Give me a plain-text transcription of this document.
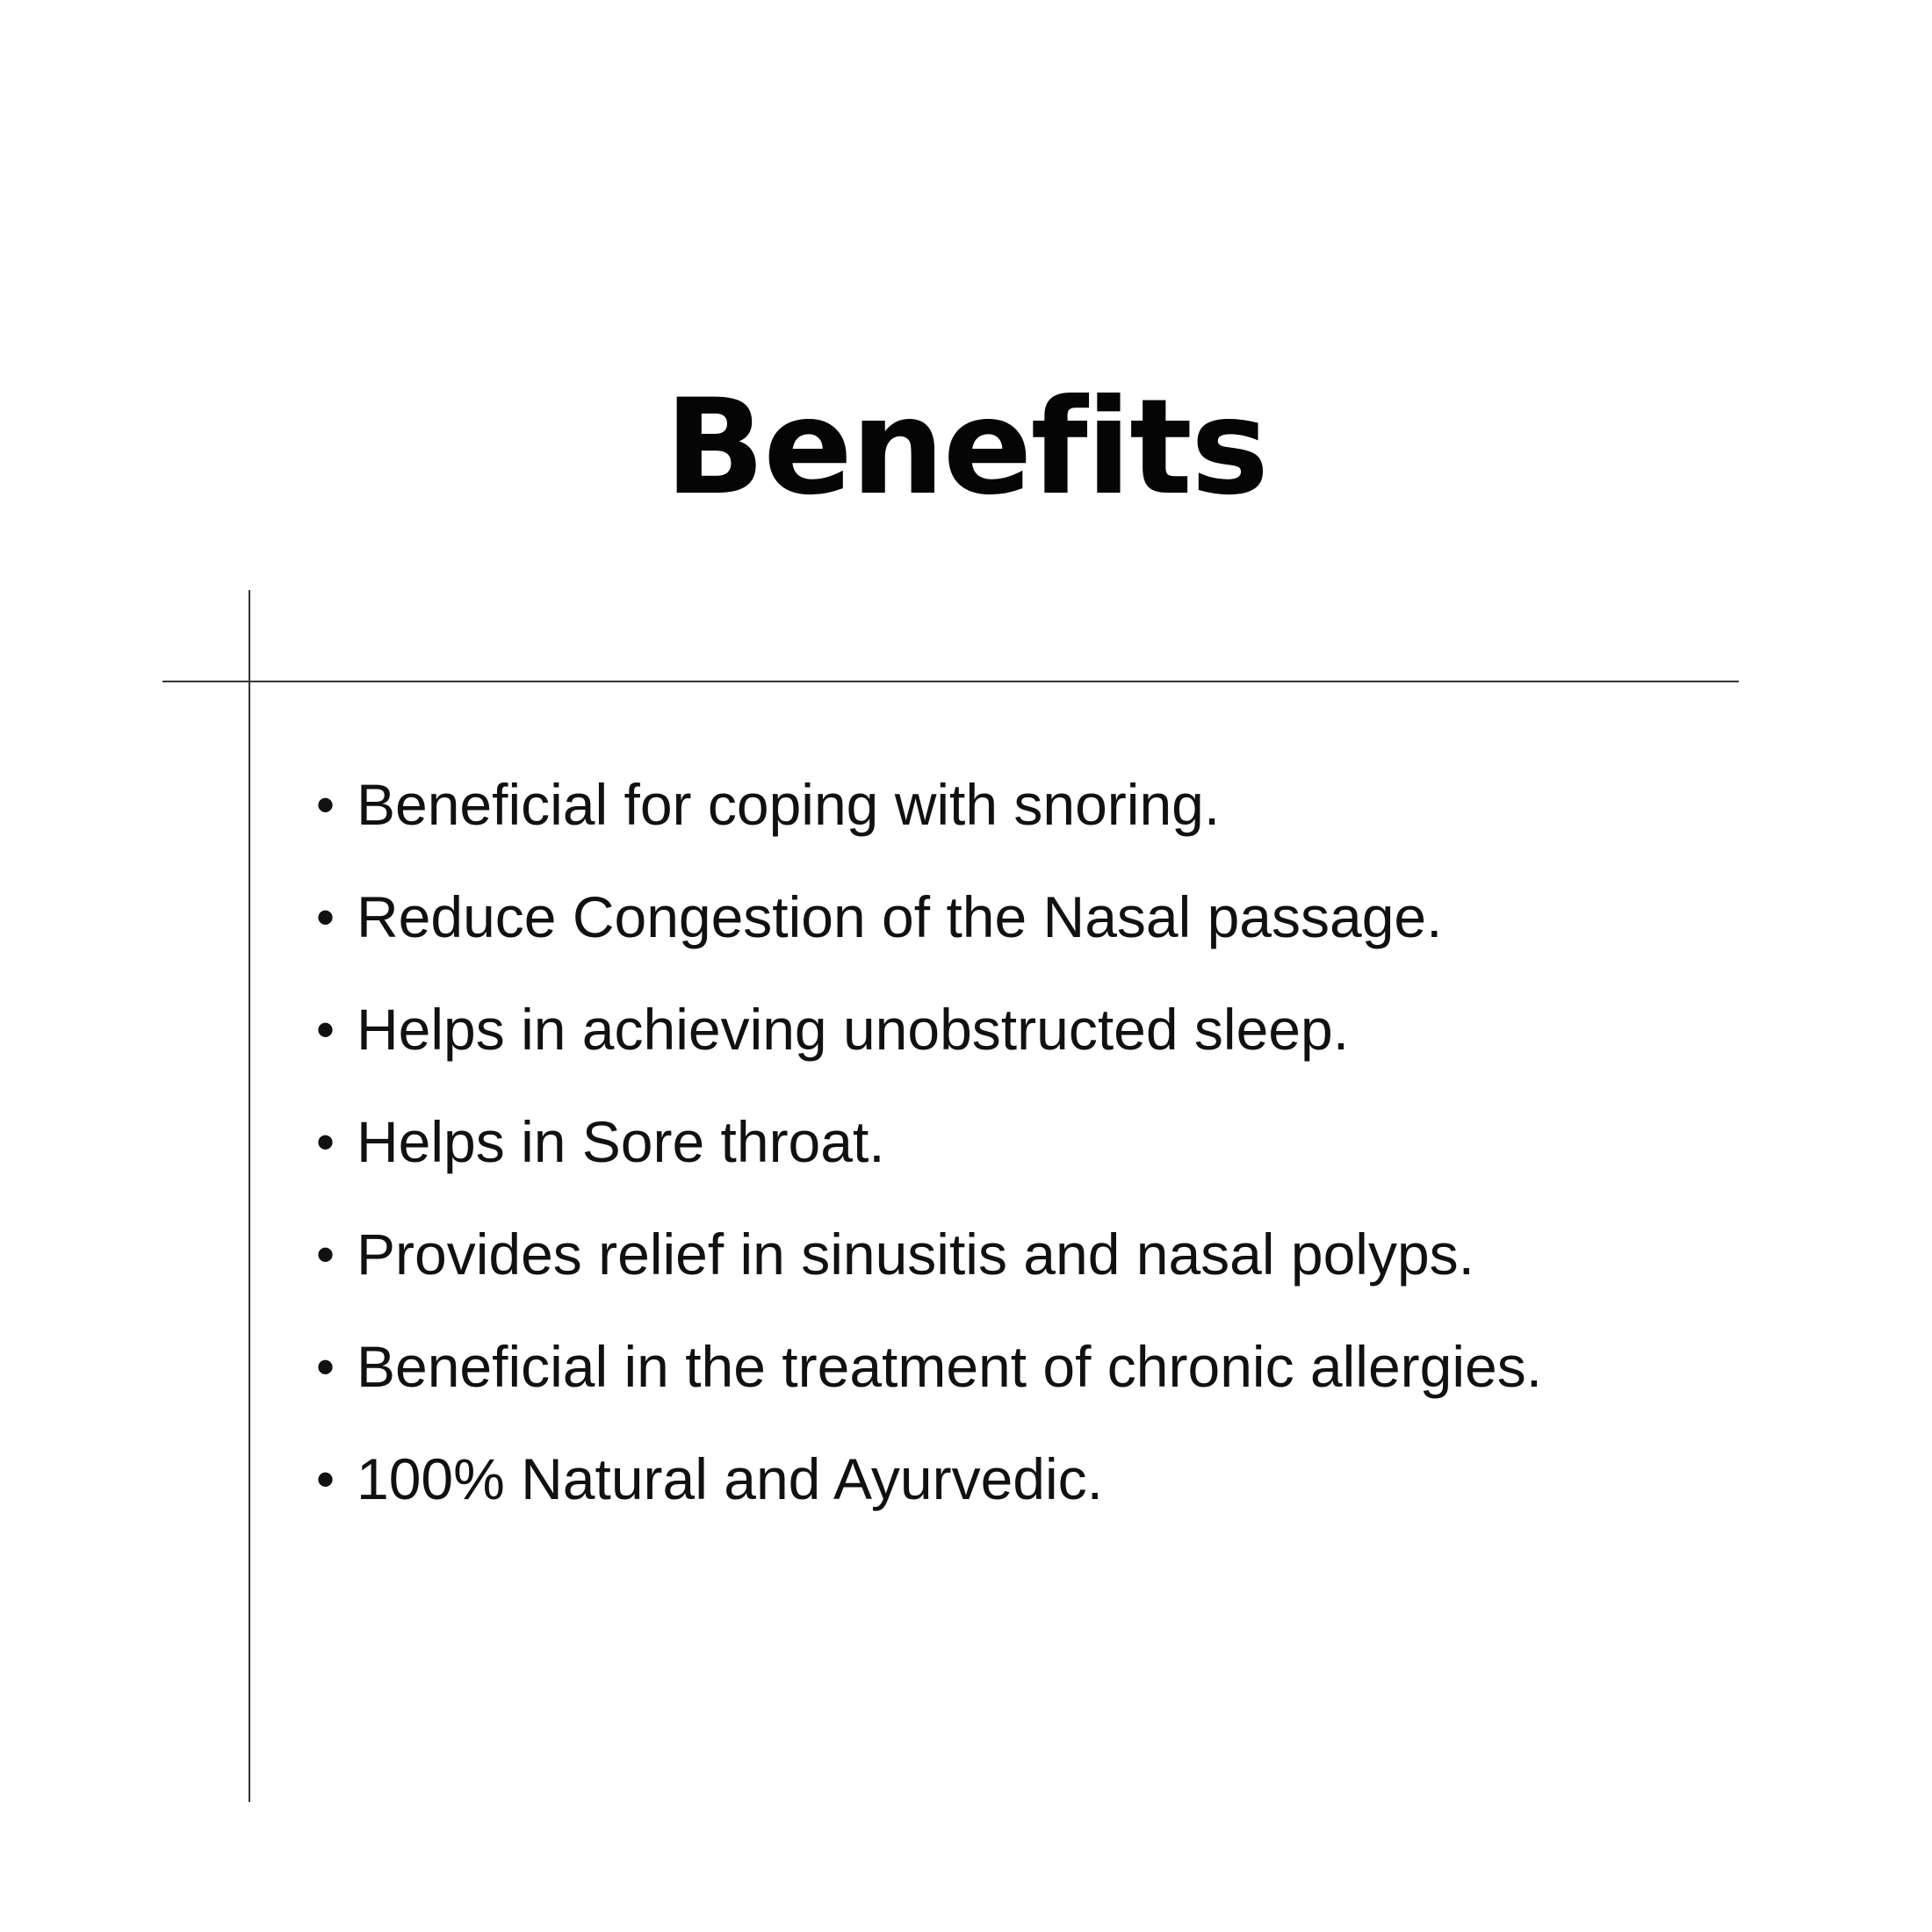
Benefits
• Beneficial for coping with snoring.
• Reduce Congestion of the Nasal passage.
• Helps in achieving unobstructed sleep.
• Helps in Sore throat.
• Provides relief in sinusitis and nasal polyps.
• Beneficial in the treatment of chronic allergies.
• 100% Natural and Ayurvedic.
